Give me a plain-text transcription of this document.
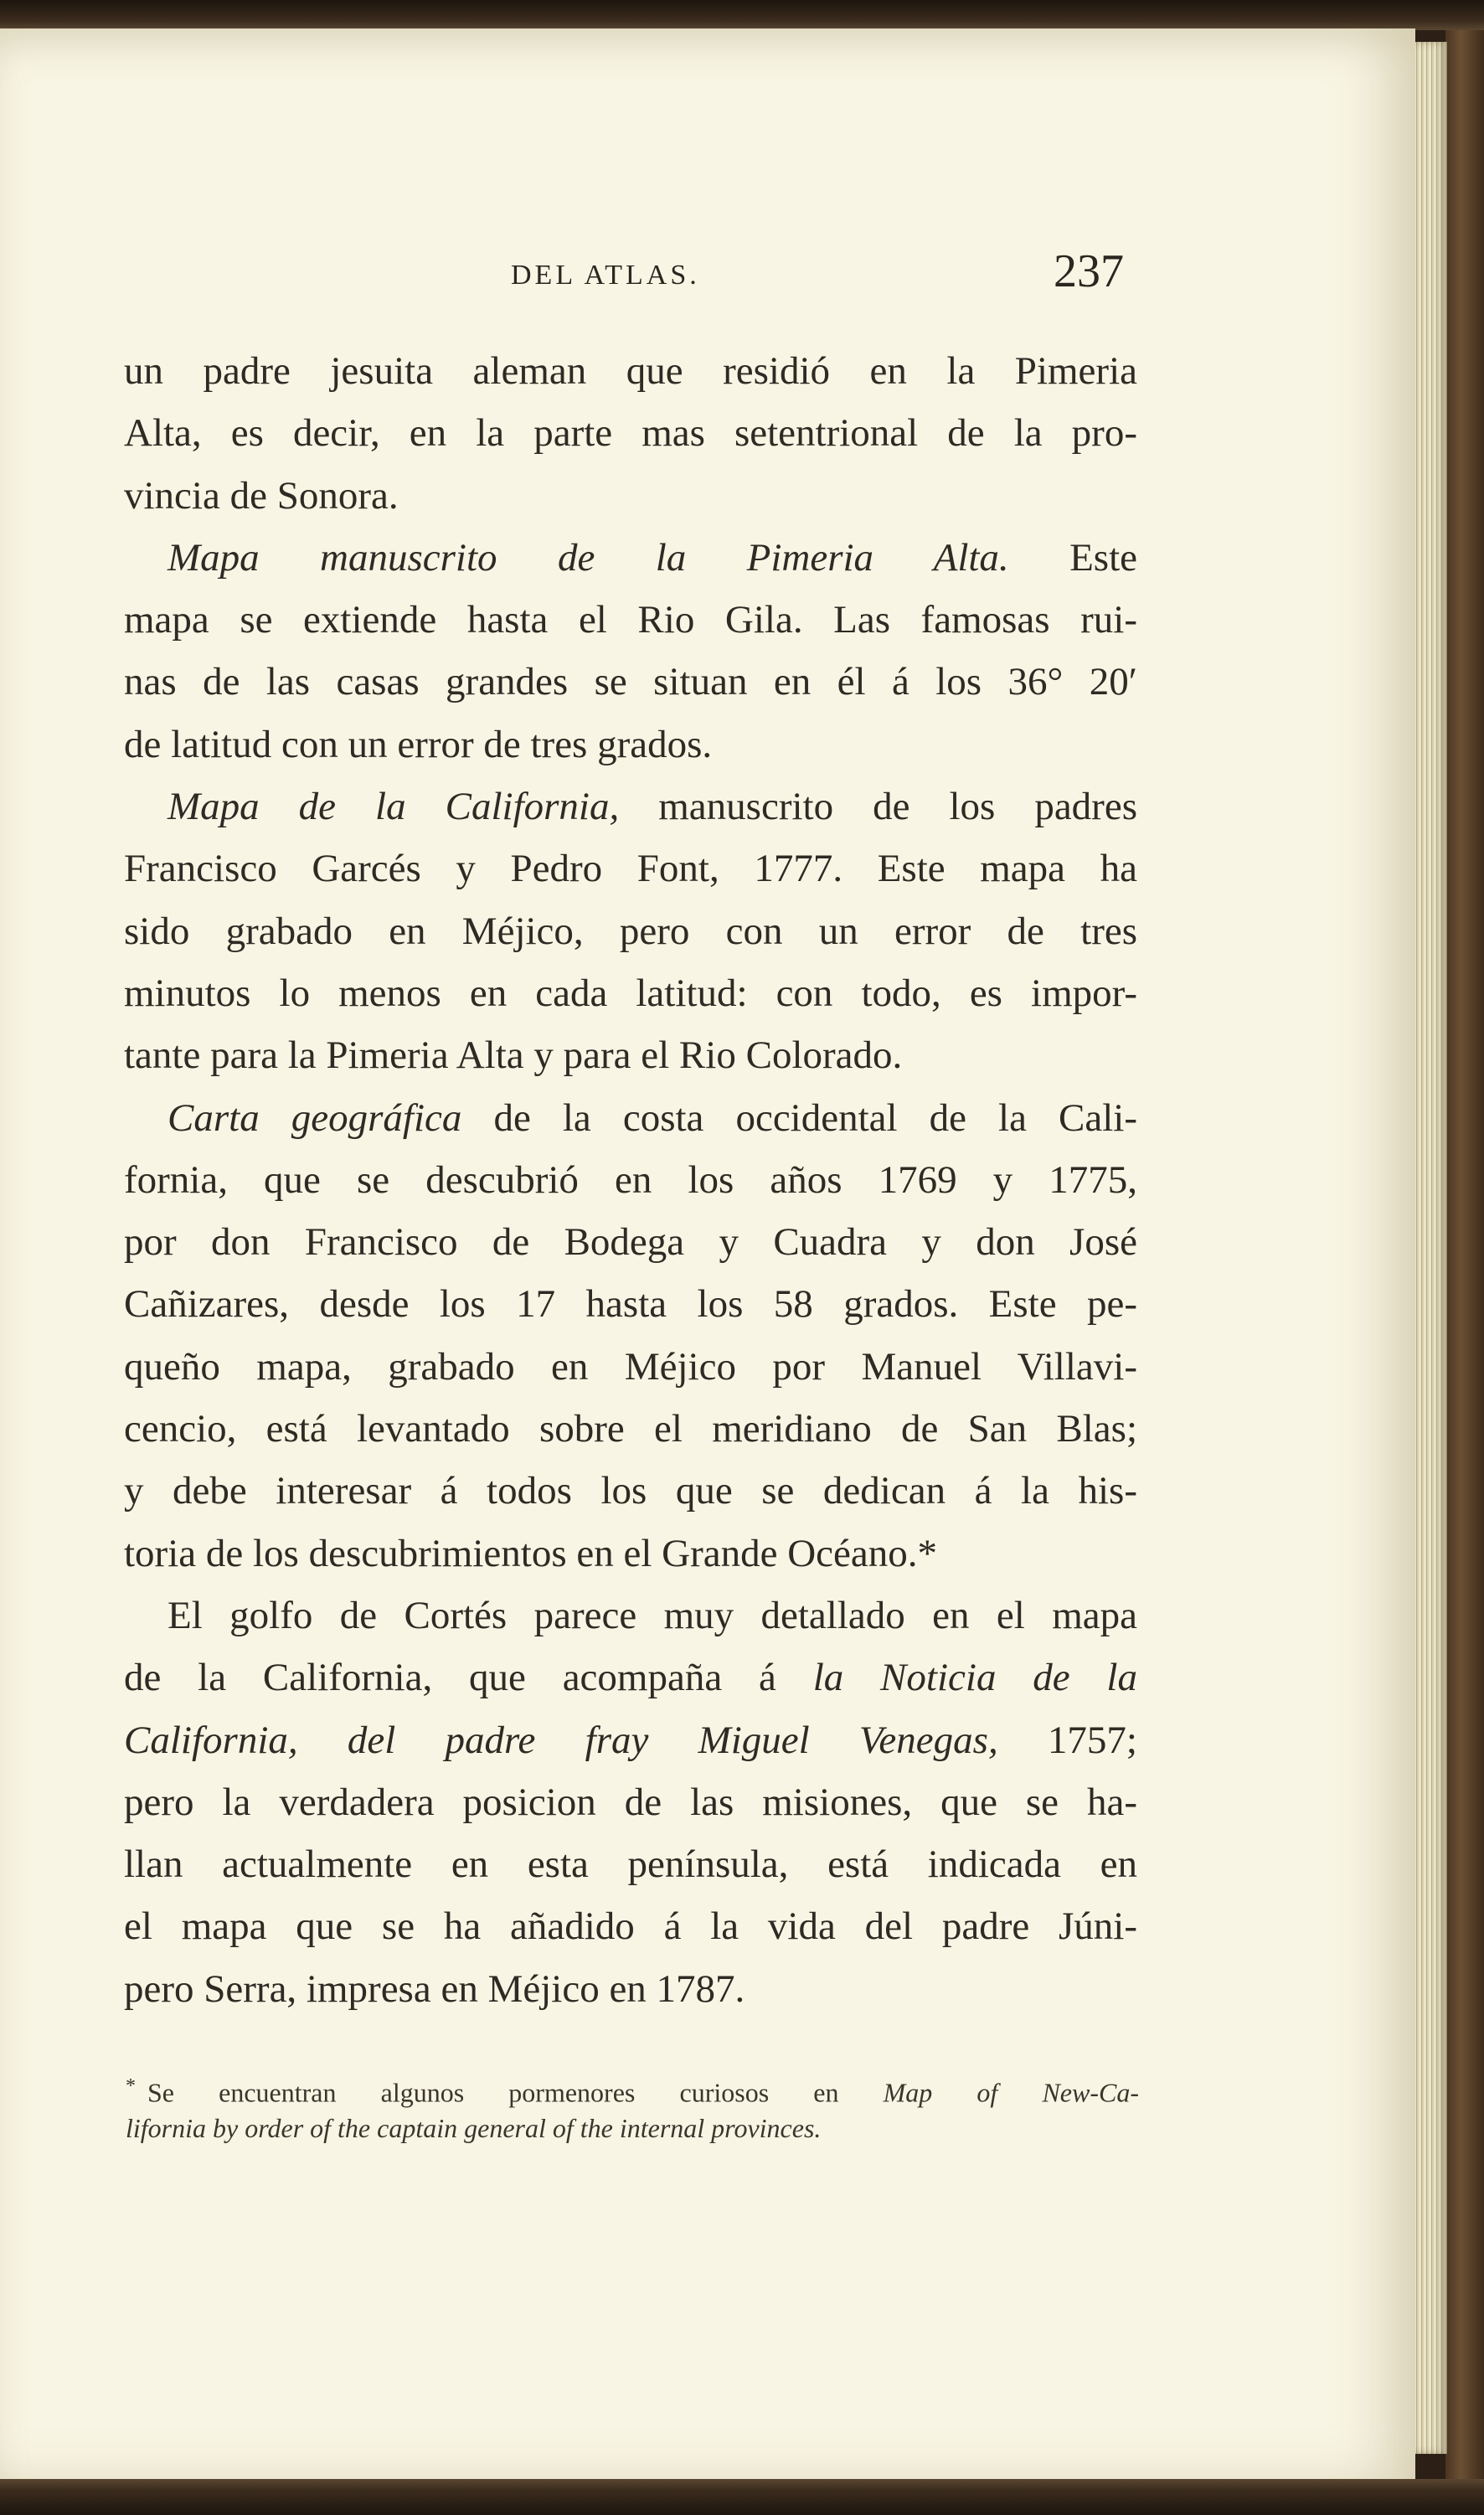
DEL ATLAS.	237
un padre jesuita aleman que residió en la Pimeria
Alta, es decir, en la parte mas setentrional de la pro-
vincia de Sonora.
Mapa manuscrito de la Pimeria Alta. Este
mapa se extiende hasta el Rio Gila. Las famosas rui-
nas de las casas grandes se situan en él á los 36° 20′
de latitud con un error de tres grados.
Mapa de la California, manuscrito de los padres
Francisco Garcés y Pedro Font, 1777. Este mapa ha
sido grabado en Méjico, pero con un error de tres
minutos lo menos en cada latitud: con todo, es impor-
tante para la Pimeria Alta y para el Rio Colorado.
Carta geográfica de la costa occidental de la Cali-
fornia, que se descubrió en los años 1769 y 1775,
por don Francisco de Bodega y Cuadra y don José
Cañizares, desde los 17 hasta los 58 grados. Este pe-
queño mapa, grabado en Méjico por Manuel Villavi-
cencio, está levantado sobre el meridiano de San Blas;
y debe interesar á todos los que se dedican á la his-
toria de los descubrimientos en el Grande Océano.*
El golfo de Cortés parece muy detallado en el mapa
de la California, que acompaña á la Noticia de la
California, del padre fray Miguel Venegas, 1757;
pero la verdadera posicion de las misiones, que se ha-
llan actualmente en esta península, está indicada en
el mapa que se ha añadido á la vida del padre Júni-
pero Serra, impresa en Méjico en 1787.
* Se encuentran algunos pormenores curiosos en Map of New-Ca-
lifornia by order of the captain general of the internal provinces.
